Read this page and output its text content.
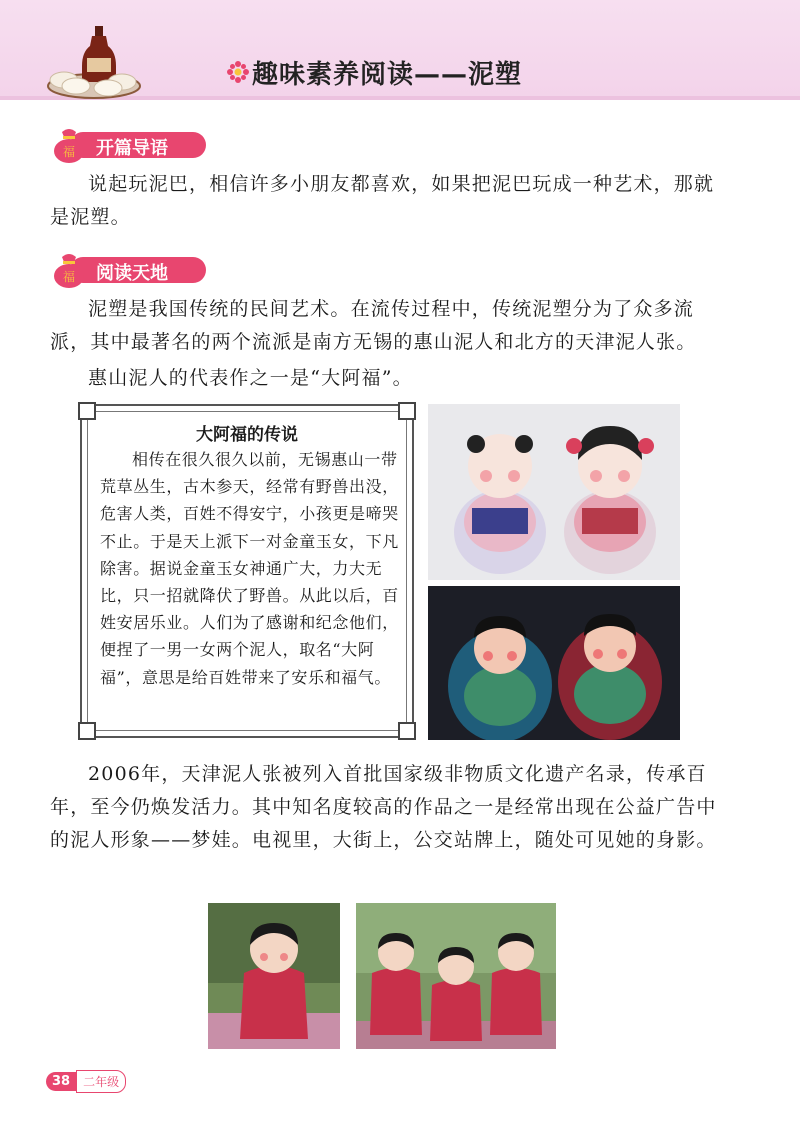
趣味素养阅读——泥塑
开篇导语
福

说起玩泥巴，相信许多小朋友都喜欢，如果把泥巴玩成一种艺术，那就是泥塑。

阅读天地
福

泥塑是我国传统的民间艺术。在流传过程中，传统泥塑分为了众多流派，其中最著名的两个流派是南方无锡的惠山泥人和北方的天津泥人张。

惠山泥人的代表作之一是“大阿福”。

大阿福的传说

相传在很久很久以前，无锡惠山一带荒草丛生，古木参天，经常有野兽出没，危害人类，百姓不得安宁，小孩更是啼哭不止。于是天上派下一对金童玉女，下凡除害。据说金童玉女神通广大，力大无比，只一招就降伏了野兽。从此以后，百姓安居乐业。人们为了感谢和纪念他们，便捏了一男一女两个泥人，取名“大阿福”，意思是给百姓带来了安乐和福气。

2006年，天津泥人张被列入首批国家级非物质文化遗产名录，传承百年，至今仍焕发活力。其中知名度较高的作品之一是经常出现在公益广告中的泥人形象——梦娃。电视里，大街上，公交站牌上，随处可见她的身影。

38	二年级
